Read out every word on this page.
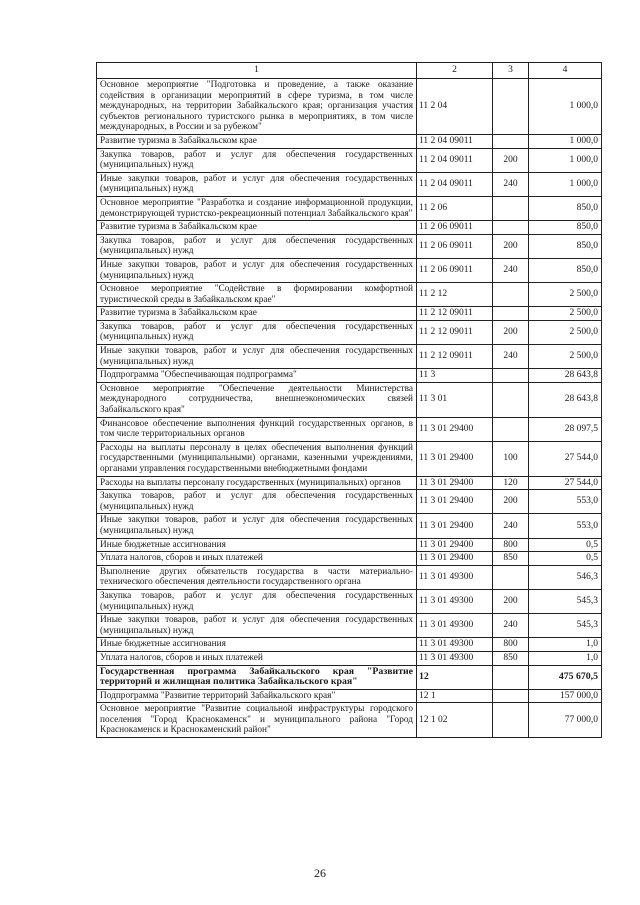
1	2	3	4
Основное мероприятие "Подготовка и проведение, а также оказание содействия в организации мероприятий в сфере туризма, в том числе международных, на территории Забайкальского края; организация участия субъектов регионального туристского рынка в мероприятиях, в том числе международных, в России и за рубежом"	11 2 04		1 000,0
Развитие туризма в Забайкальском крае	11 2 04 09011		1 000,0
Закупка товаров, работ и услуг для обеспечения государственных (муниципальных) нужд	11 2 04 09011	200	1 000,0
Иные закупки товаров, работ и услуг для обеспечения государственных (муниципальных) нужд	11 2 04 09011	240	1 000,0
Основное мероприятие "Разработка и создание информационной продукции, демонстрирующей туристско-рекреационный потенциал Забайкальского края"	11 2 06		850,0
Развитие туризма в Забайкальском крае	11 2 06 09011		850,0
Закупка товаров, работ и услуг для обеспечения государственных (муниципальных) нужд	11 2 06 09011	200	850,0
Иные закупки товаров, работ и услуг для обеспечения государственных (муниципальных) нужд	11 2 06 09011	240	850,0
Основное мероприятие "Содействие в формировании комфортной туристической среды в Забайкальском крае"	11 2 12		2 500,0
Развитие туризма в Забайкальском крае	11 2 12 09011		2 500,0
Закупка товаров, работ и услуг для обеспечения государственных (муниципальных) нужд	11 2 12 09011	200	2 500,0
Иные закупки товаров, работ и услуг для обеспечения государственных (муниципальных) нужд	11 2 12 09011	240	2 500,0
Подпрограмма "Обеспечивающая подпрограмма"	11 3		28 643,8
Основное мероприятие "Обеспечение деятельности Министерства международного сотрудничества, внешнеэкономических связей Забайкальского края"	11 3 01		28 643,8
Финансовое обеспечение выполнения функций государственных органов, в том числе территориальных органов	11 3 01 29400		28 097,5
Расходы на выплаты персоналу в целях обеспечения выполнения функций государственными (муниципальными) органами, казенными учреждениями, органами управления государственными внебюджетными фондами	11 3 01 29400	100	27 544,0
Расходы на выплаты персоналу государственных (муниципальных) органов	11 3 01 29400	120	27 544,0
Закупка товаров, работ и услуг для обеспечения государственных (муниципальных) нужд	11 3 01 29400	200	553,0
Иные закупки товаров, работ и услуг для обеспечения государственных (муниципальных) нужд	11 3 01 29400	240	553,0
Иные бюджетные ассигнования	11 3 01 29400	800	0,5
Уплата налогов, сборов и иных платежей	11 3 01 29400	850	0,5
Выполнение других обязательств государства в части материально-технического обеспечения деятельности государственного органа	11 3 01 49300		546,3
Закупка товаров, работ и услуг для обеспечения государственных (муниципальных) нужд	11 3 01 49300	200	545,3
Иные закупки товаров, работ и услуг для обеспечения государственных (муниципальных) нужд	11 3 01 49300	240	545,3
Иные бюджетные ассигнования	11 3 01 49300	800	1,0
Уплата налогов, сборов и иных платежей	11 3 01 49300	850	1,0
Государственная программа Забайкальского края "Развитие территорий и жилищная политика Забайкальского края"	12		475 670,5
Подпрограмма "Развитие территорий Забайкальского края"	12 1		157 000,0
Основное мероприятие "Развитие социальной инфраструктуры городского поселения "Город Краснокаменск" и муниципального района "Город Краснокаменск и Краснокаменский район"	12 1 02		77 000,0
26
